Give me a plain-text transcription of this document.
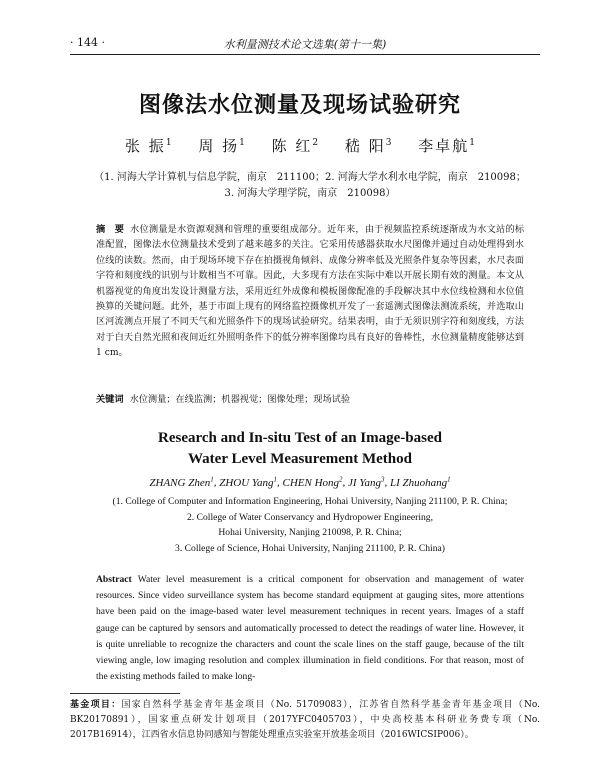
· 144 ·	水利量测技术论文选集(第十一集)
图像法水位测量及现场试验研究
张 振$^1$ 周 扬$^1$ 陈 红$^2$ 嵇 阳$^3$ 李卓航$^1$
（1. 河海大学计算机与信息学院，南京　211100；2. 河海大学水利水电学院，南京　210098；
3. 河海大学理学院，南京　210098）
摘　要 水位测量是水资源观测和管理的重要组成部分。近年来，由于视频监控系统逐渐成为水文站的标准配置，图像法水位测量技术受到了越来越多的关注。它采用传感器获取水尺图像并通过自动处理得到水位线的读数。然而，由于现场环境下存在拍摄视角倾斜、成像分辨率低及光照条件复杂等因素，水尺表面字符和刻度线的识别与计数相当不可靠。因此，大多现有方法在实际中难以开展长期有效的测量。本文从机器视觉的角度出发设计测量方法，采用近红外成像和模板图像配准的手段解决其中水位线检测和水位值换算的关键问题。此外，基于市面上现有的网络监控摄像机开发了一套遥测式图像法测流系统，并选取山区河流测点开展了不同天气和光照条件下的现场试验研究。结果表明，由于无须识别字符和刻度线，方法对于白天自然光照和夜间近红外照明条件下的低分辨率图像均具有良好的鲁棒性，水位测量精度能够达到 1 cm。
关键词 水位测量；在线监测；机器视觉；图像处理；现场试验
Research and In-situ Test of an Image-based
Water Level Measurement Method
ZHANG Zhen$^1$, ZHOU Yang$^1$, CHEN Hong$^2$, JI Yang$^3$, LI Zhuohang$^1$
(1. College of Computer and Information Engineering, Hohai University, Nanjing 211100, P. R. China;
2. College of Water Conservancy and Hydropower Engineering,
Hohai University, Nanjing 210098, P. R. China;
3. College of Science, Hohai University, Nanjing 211100, P. R. China)
Abstract Water level measurement is a critical component for observation and management of water resources. Since video surveillance system has become standard equipment at gauging sites, more attentions have been paid on the image-based water level measurement techniques in recent years. Images of a staff gauge can be captured by sensors and automatically processed to detect the readings of water line. However, it is quite unreliable to recognize the characters and count the scale lines on the staff gauge, because of the tilt viewing angle, low imaging resolution and complex illumination in field conditions. For that reason, most of the existing methods failed to make long-
基金项目：国家自然科学基金青年基金项目（No. 51709083），江苏省自然科学基金青年基金项目（No. BK20170891），国家重点研发计划项目（2017YFC0405703），中央高校基本科研业务费专项（No. 2017B16914），江西省水信息协同感知与智能处理重点实验室开放基金项目（2016WICSIP006）。
